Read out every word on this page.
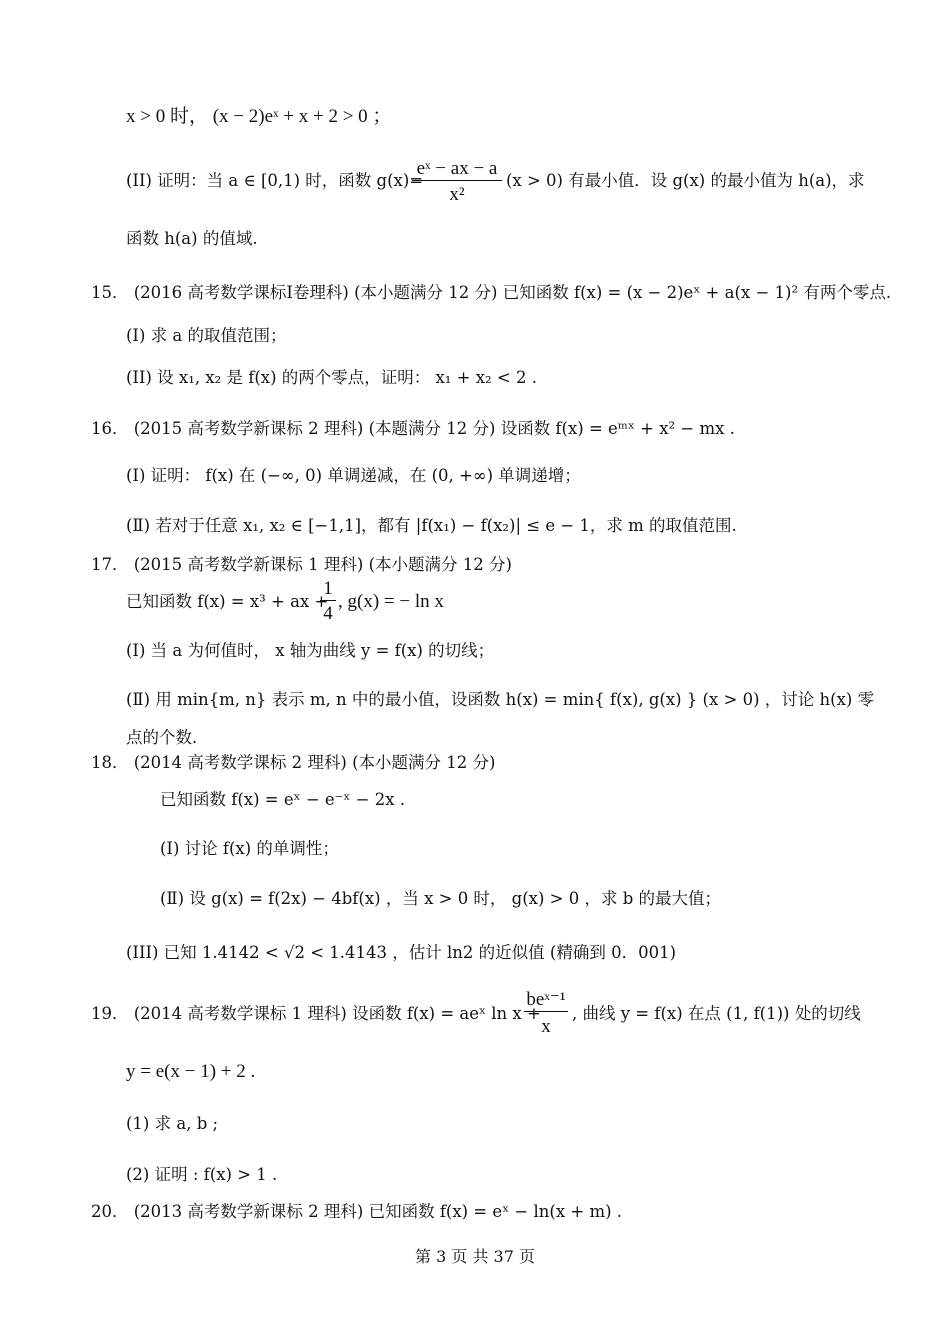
x > 0 时， (x − 2)eˣ + x + 2 > 0 ；
(II) 证明：当 a ∈ [0,1) 时，函数 g(x)=
eˣ − ax − a
x²
(x > 0) 有最小值．设 g(x) 的最小值为 h(a)，求
函数 h(a) 的值域.
15． (2016 高考数学课标Ⅰ卷理科) (本小题满分 12 分) 已知函数 f(x) = (x − 2)eˣ + a(x − 1)² 有两个零点.
(I) 求 a 的取值范围；
(II) 设 x₁, x₂ 是 f(x) 的两个零点，证明： x₁ + x₂ < 2 .
16． (2015 高考数学新课标 2 理科) (本题满分 12 分) 设函数 f(x) = eᵐˣ + x² − mx .
(Ⅰ) 证明： f(x) 在 (−∞, 0) 单调递减，在 (0, +∞) 单调递增；
(Ⅱ) 若对于任意 x₁, x₂ ∈ [−1,1]，都有 |f(x₁) − f(x₂)| ≤ e − 1，求 m 的取值范围.
17． (2015 高考数学新课标 1 理科) (本小题满分 12 分)
已知函数 f(x) = x³ + ax +
1
4
, g(x) = − ln x
(Ⅰ) 当 a 为何值时， x 轴为曲线 y = f(x) 的切线；
(Ⅱ) 用 min{m, n} 表示 m, n 中的最小值，设函数 h(x) = min{ f(x), g(x) } (x > 0) ，讨论 h(x) 零
点的个数.
18． (2014 高考数学课标 2 理科) (本小题满分 12 分)
已知函数 f(x) = eˣ − e⁻ˣ − 2x .
(Ⅰ) 讨论 f(x) 的单调性；
(Ⅱ) 设 g(x) = f(2x) − 4bf(x) ，当 x > 0 时， g(x) > 0 ，求 b 的最大值；
(III) 已知 1.4142 < √2 < 1.4143 ，估计 ln2 的近似值 (精确到 0．001)
19． (2014 高考数学课标 1 理科) 设函数 f(x) = aeˣ ln x +
beˣ⁻¹
x
, 曲线 y = f(x) 在点 (1, f(1)) 处的切线
y = e(x − 1) + 2 .
(1) 求 a, b ;
(2) 证明 : f(x) > 1 .
20． (2013 高考数学新课标 2 理科) 已知函数 f(x) = eˣ − ln(x + m) .
第 3 页 共 37 页
